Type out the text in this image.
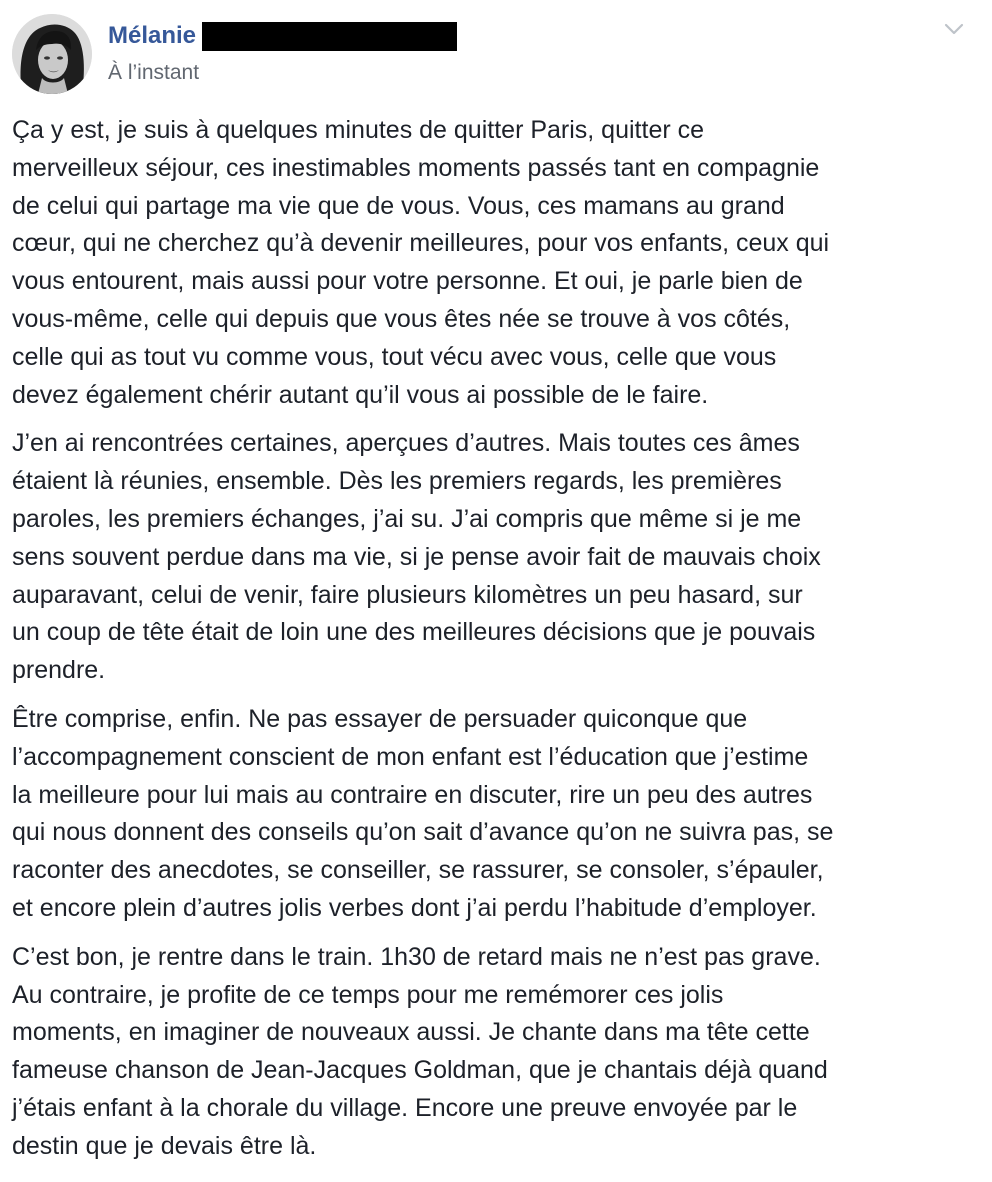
Mélanie
À l’instant

Ça y est, je suis à quelques minutes de quitter Paris, quitter ce
merveilleux séjour, ces inestimables moments passés tant en compagnie
de celui qui partage ma vie que de vous. Vous, ces mamans au grand
cœur, qui ne cherchez qu’à devenir meilleures, pour vos enfants, ceux qui
vous entourent, mais aussi pour votre personne. Et oui, je parle bien de
vous-même, celle qui depuis que vous êtes née se trouve à vos côtés,
celle qui as tout vu comme vous, tout vécu avec vous, celle que vous
devez également chérir autant qu’il vous ai possible de le faire.

J’en ai rencontrées certaines, aperçues d’autres. Mais toutes ces âmes
étaient là réunies, ensemble. Dès les premiers regards, les premières
paroles, les premiers échanges, j’ai su. J’ai compris que même si je me
sens souvent perdue dans ma vie, si je pense avoir fait de mauvais choix
auparavant, celui de venir, faire plusieurs kilomètres un peu hasard, sur
un coup de tête était de loin une des meilleures décisions que je pouvais
prendre.

Être comprise, enfin. Ne pas essayer de persuader quiconque que
l’accompagnement conscient de mon enfant est l’éducation que j’estime
la meilleure pour lui mais au contraire en discuter, rire un peu des autres
qui nous donnent des conseils qu’on sait d’avance qu’on ne suivra pas, se
raconter des anecdotes, se conseiller, se rassurer, se consoler, s’épauler,
et encore plein d’autres jolis verbes dont j’ai perdu l’habitude d’employer.

C’est bon, je rentre dans le train. 1h30 de retard mais ne n’est pas grave.
Au contraire, je profite de ce temps pour me remémorer ces jolis
moments, en imaginer de nouveaux aussi. Je chante dans ma tête cette
fameuse chanson de Jean-Jacques Goldman, que je chantais déjà quand
j’étais enfant à la chorale du village. Encore une preuve envoyée par le
destin que je devais être là.
